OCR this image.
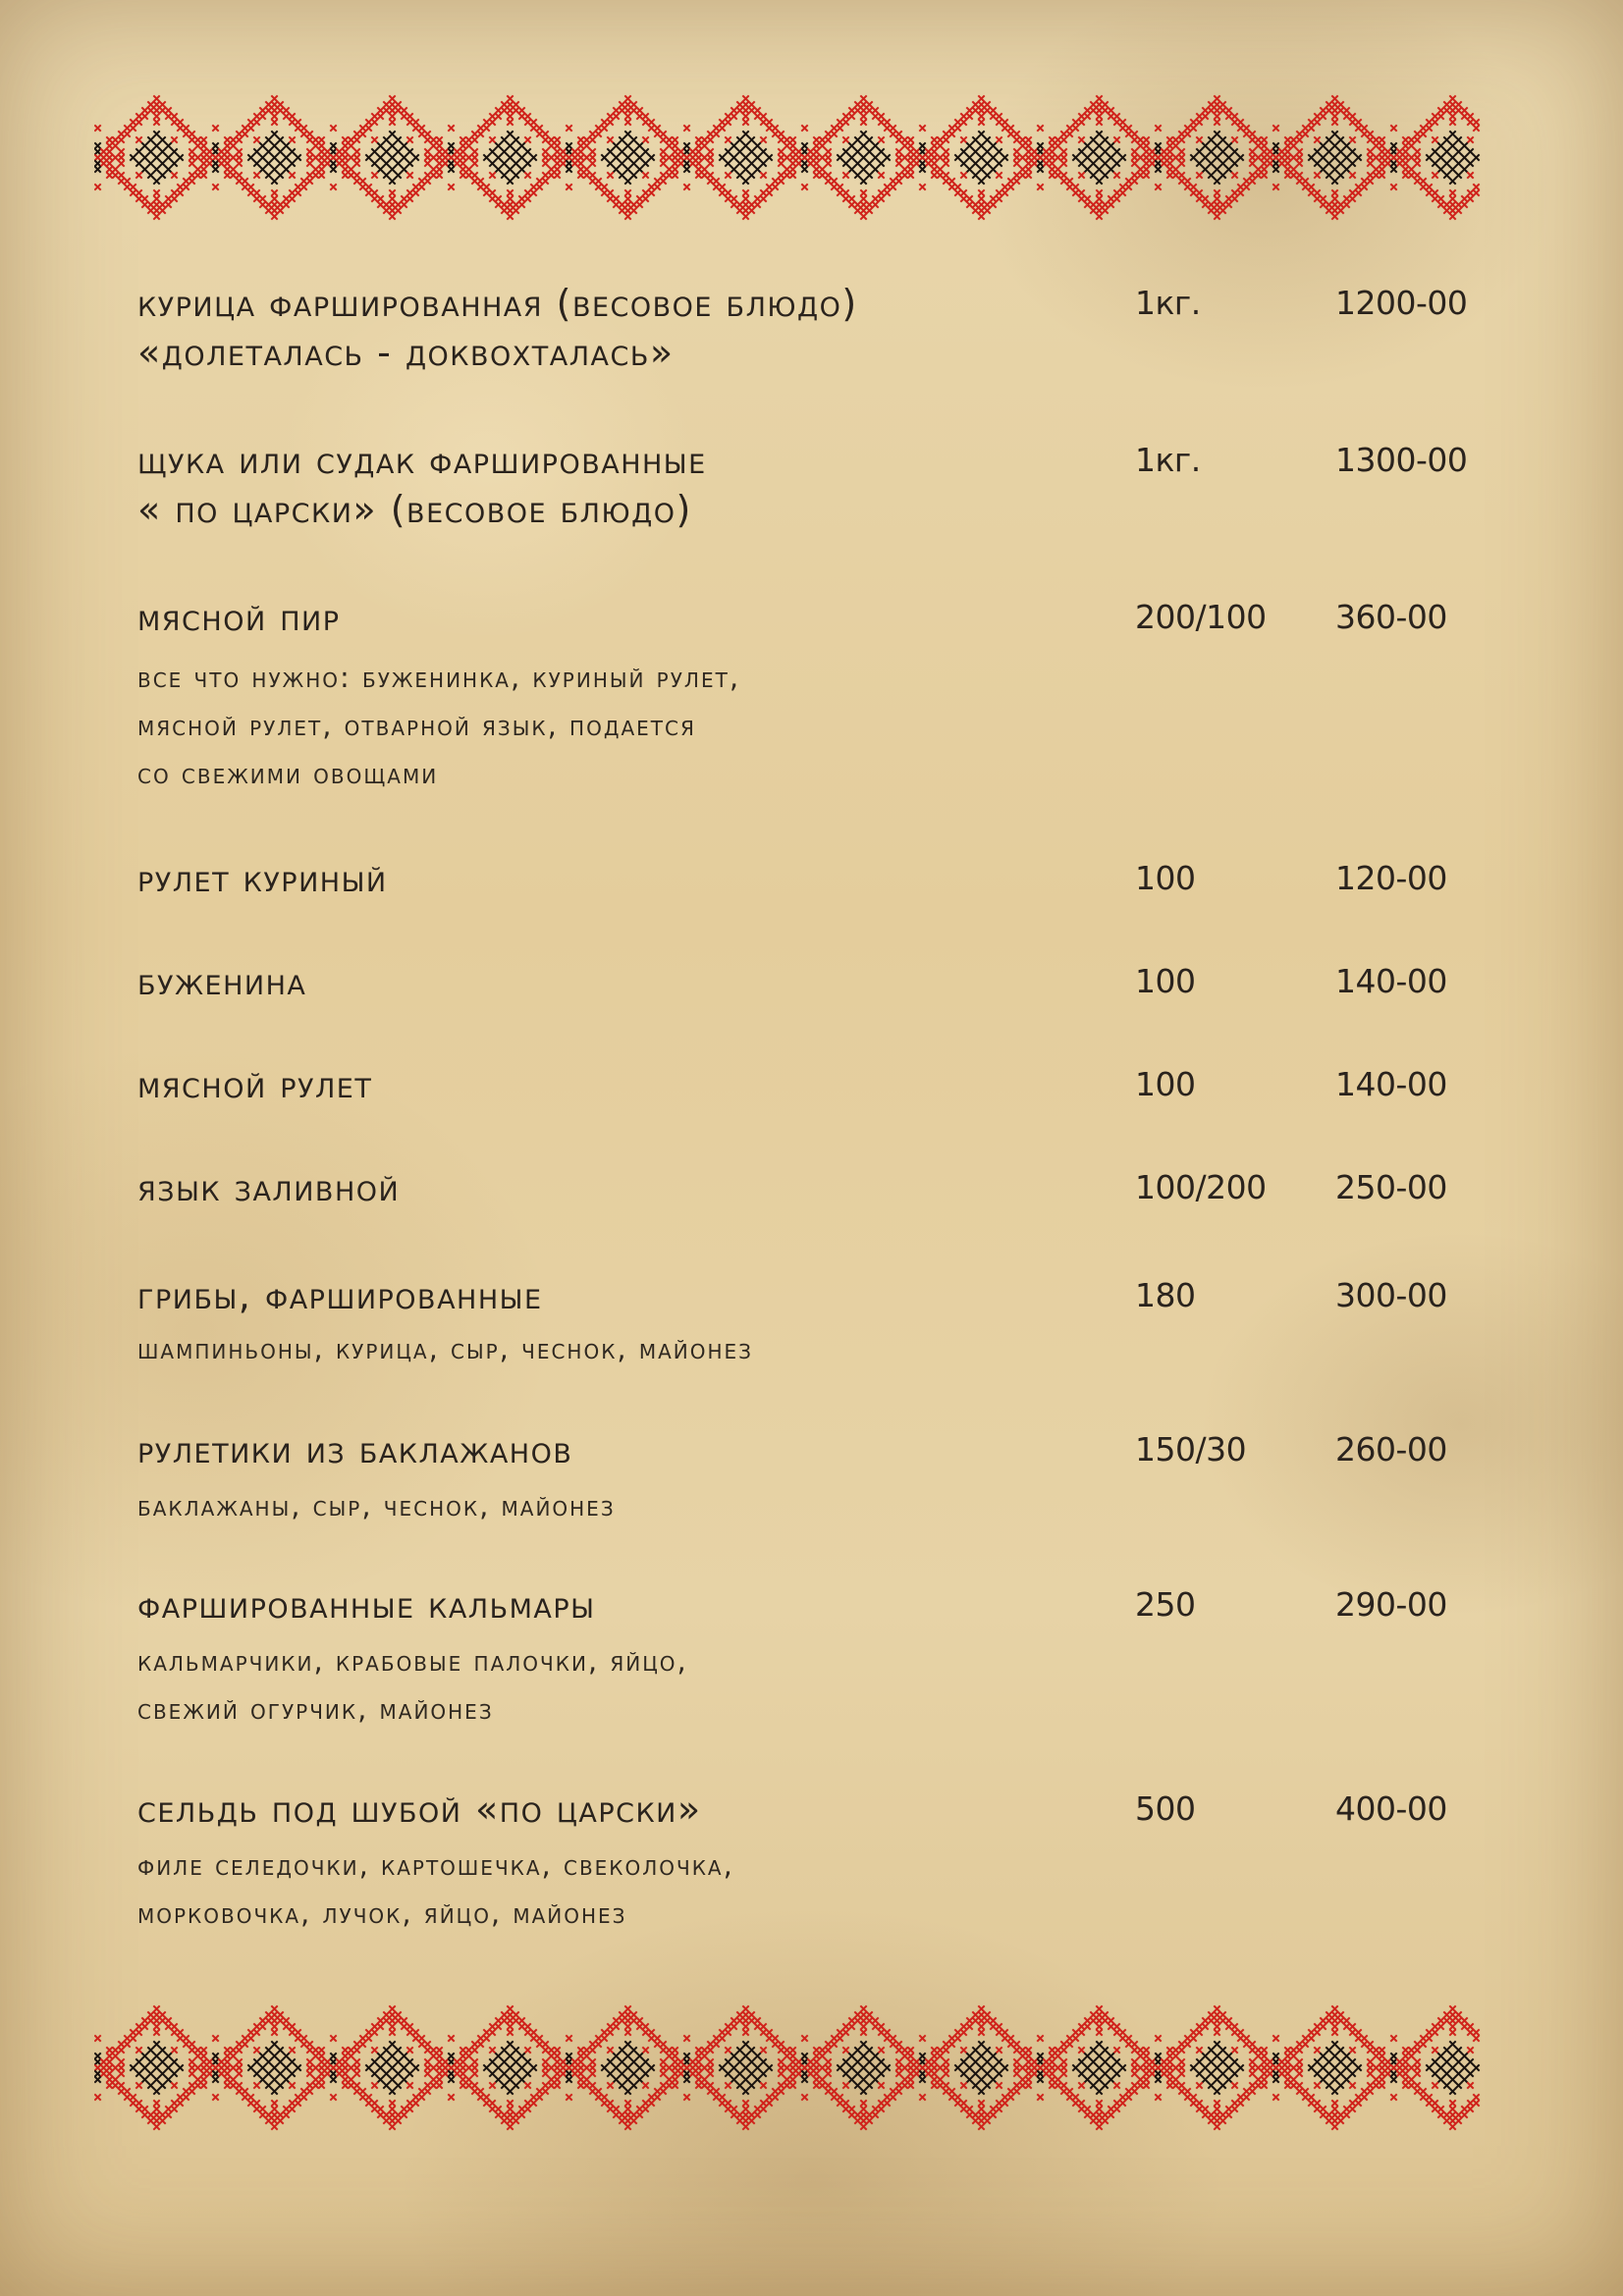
курица фаршированная (весовое блюдо)
«долеталась - доквохталась»
1кг.	1200-00
щука или судак фаршированные
« по царски» (весовое блюдо)
1кг.	1300-00
мясной пир
все что нужно: буженинка, куриный рулет,
мясной рулет, отварной язык, подается
со свежими овощами
200/100	360-00
рулет куриный	100	120-00
буженина	100	140-00
мясной рулет	100	140-00
язык заливной	100/200	250-00
грибы, фаршированные
шампиньоны, курица, сыр, чеснок, майонез
180	300-00
рулетики из баклажанов
баклажаны, сыр, чеснок, майонез
150/30	260-00
фаршированные кальмары
кальмарчики, крабовые палочки, яйцо,
свежий огурчик, майонез
250	290-00
сельдь под шубой «по царски»
филе селедочки, картошечка, свеколочка,
морковочка, лучок, яйцо, майонез
500	400-00
